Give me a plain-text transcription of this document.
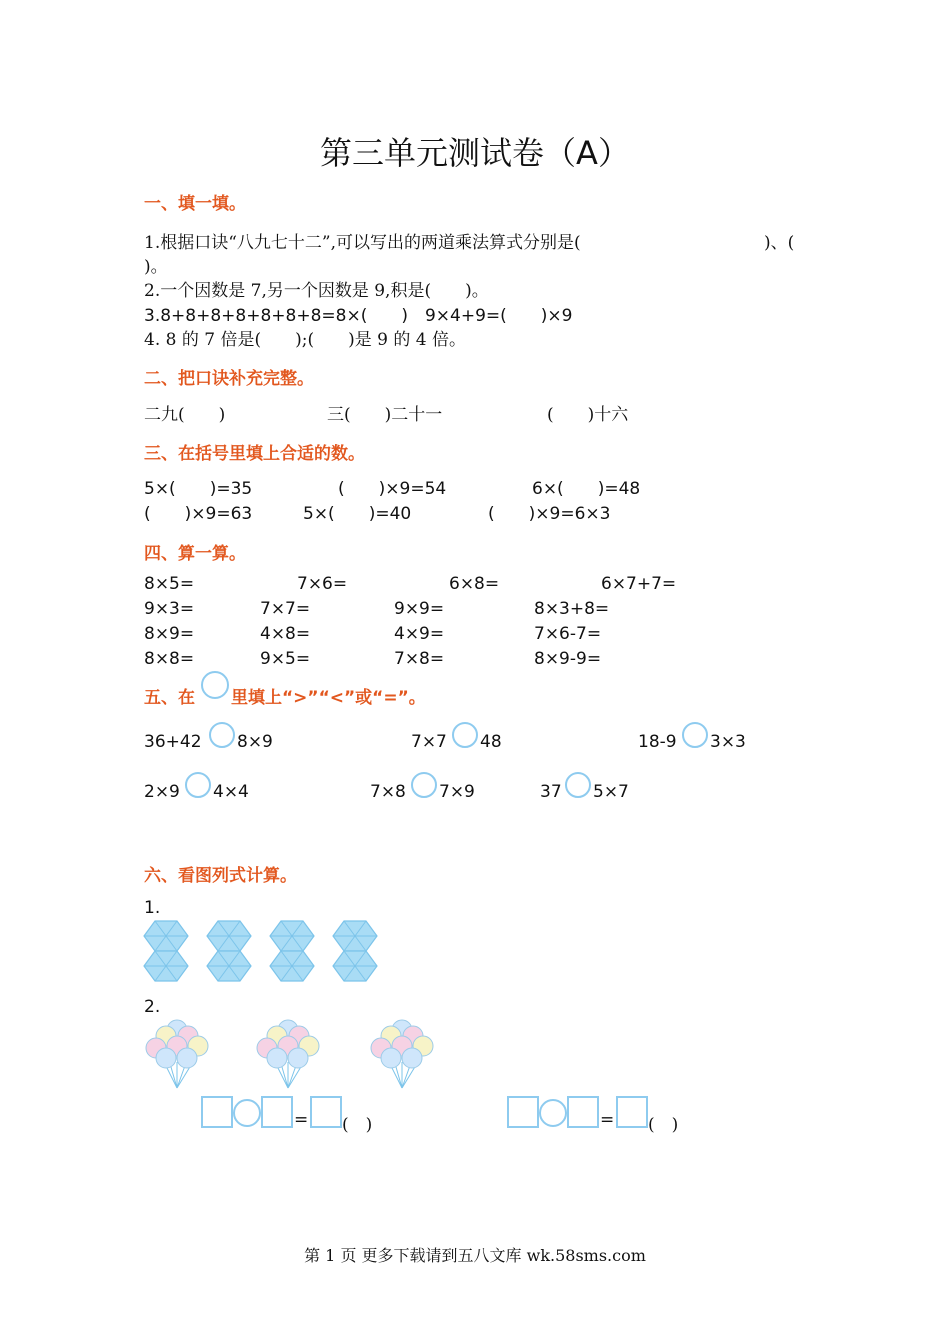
第三单元测试卷（A）
一、填一填。
1.根据口诀“八九七十二”,可以写出的两道乘法算式分别是(	)、(
)。
2.一个因数是 7,另一个因数是 9,积是(　　)。
3.8+8+8+8+8+8+8=8×(　　)　9×4+9=(　　)×9
4. 8 的 7 倍是(　　);(　　)是 9 的 4 倍。
二、把口诀补充完整。
二九(　　)	三(　　)二十一	(　　)十六
三、在括号里填上合适的数。
5×(　　)=35	(　　)×9=54	6×(　　)=48
(　　)×9=63	5×(　　)=40	(　　)×9=6×3
四、算一算。
8×5=	7×6=	6×8=	6×7+7=
9×3=	7×7=	9×9=	8×3+8=
8×9=	4×8=	4×9=	7×6-7=
8×8=	9×5=	7×8=	8×9-9=
五、在 里填上“>”“<”或“=”。
36+42 8×9	7×7 48	18-9 3×3
2×9 4×4	7×8 7×9	37 5×7
六、看图列式计算。
1.
2.
= (　)	= (　)
第 1 页 更多下载请到五八文库 wk.58sms.com
